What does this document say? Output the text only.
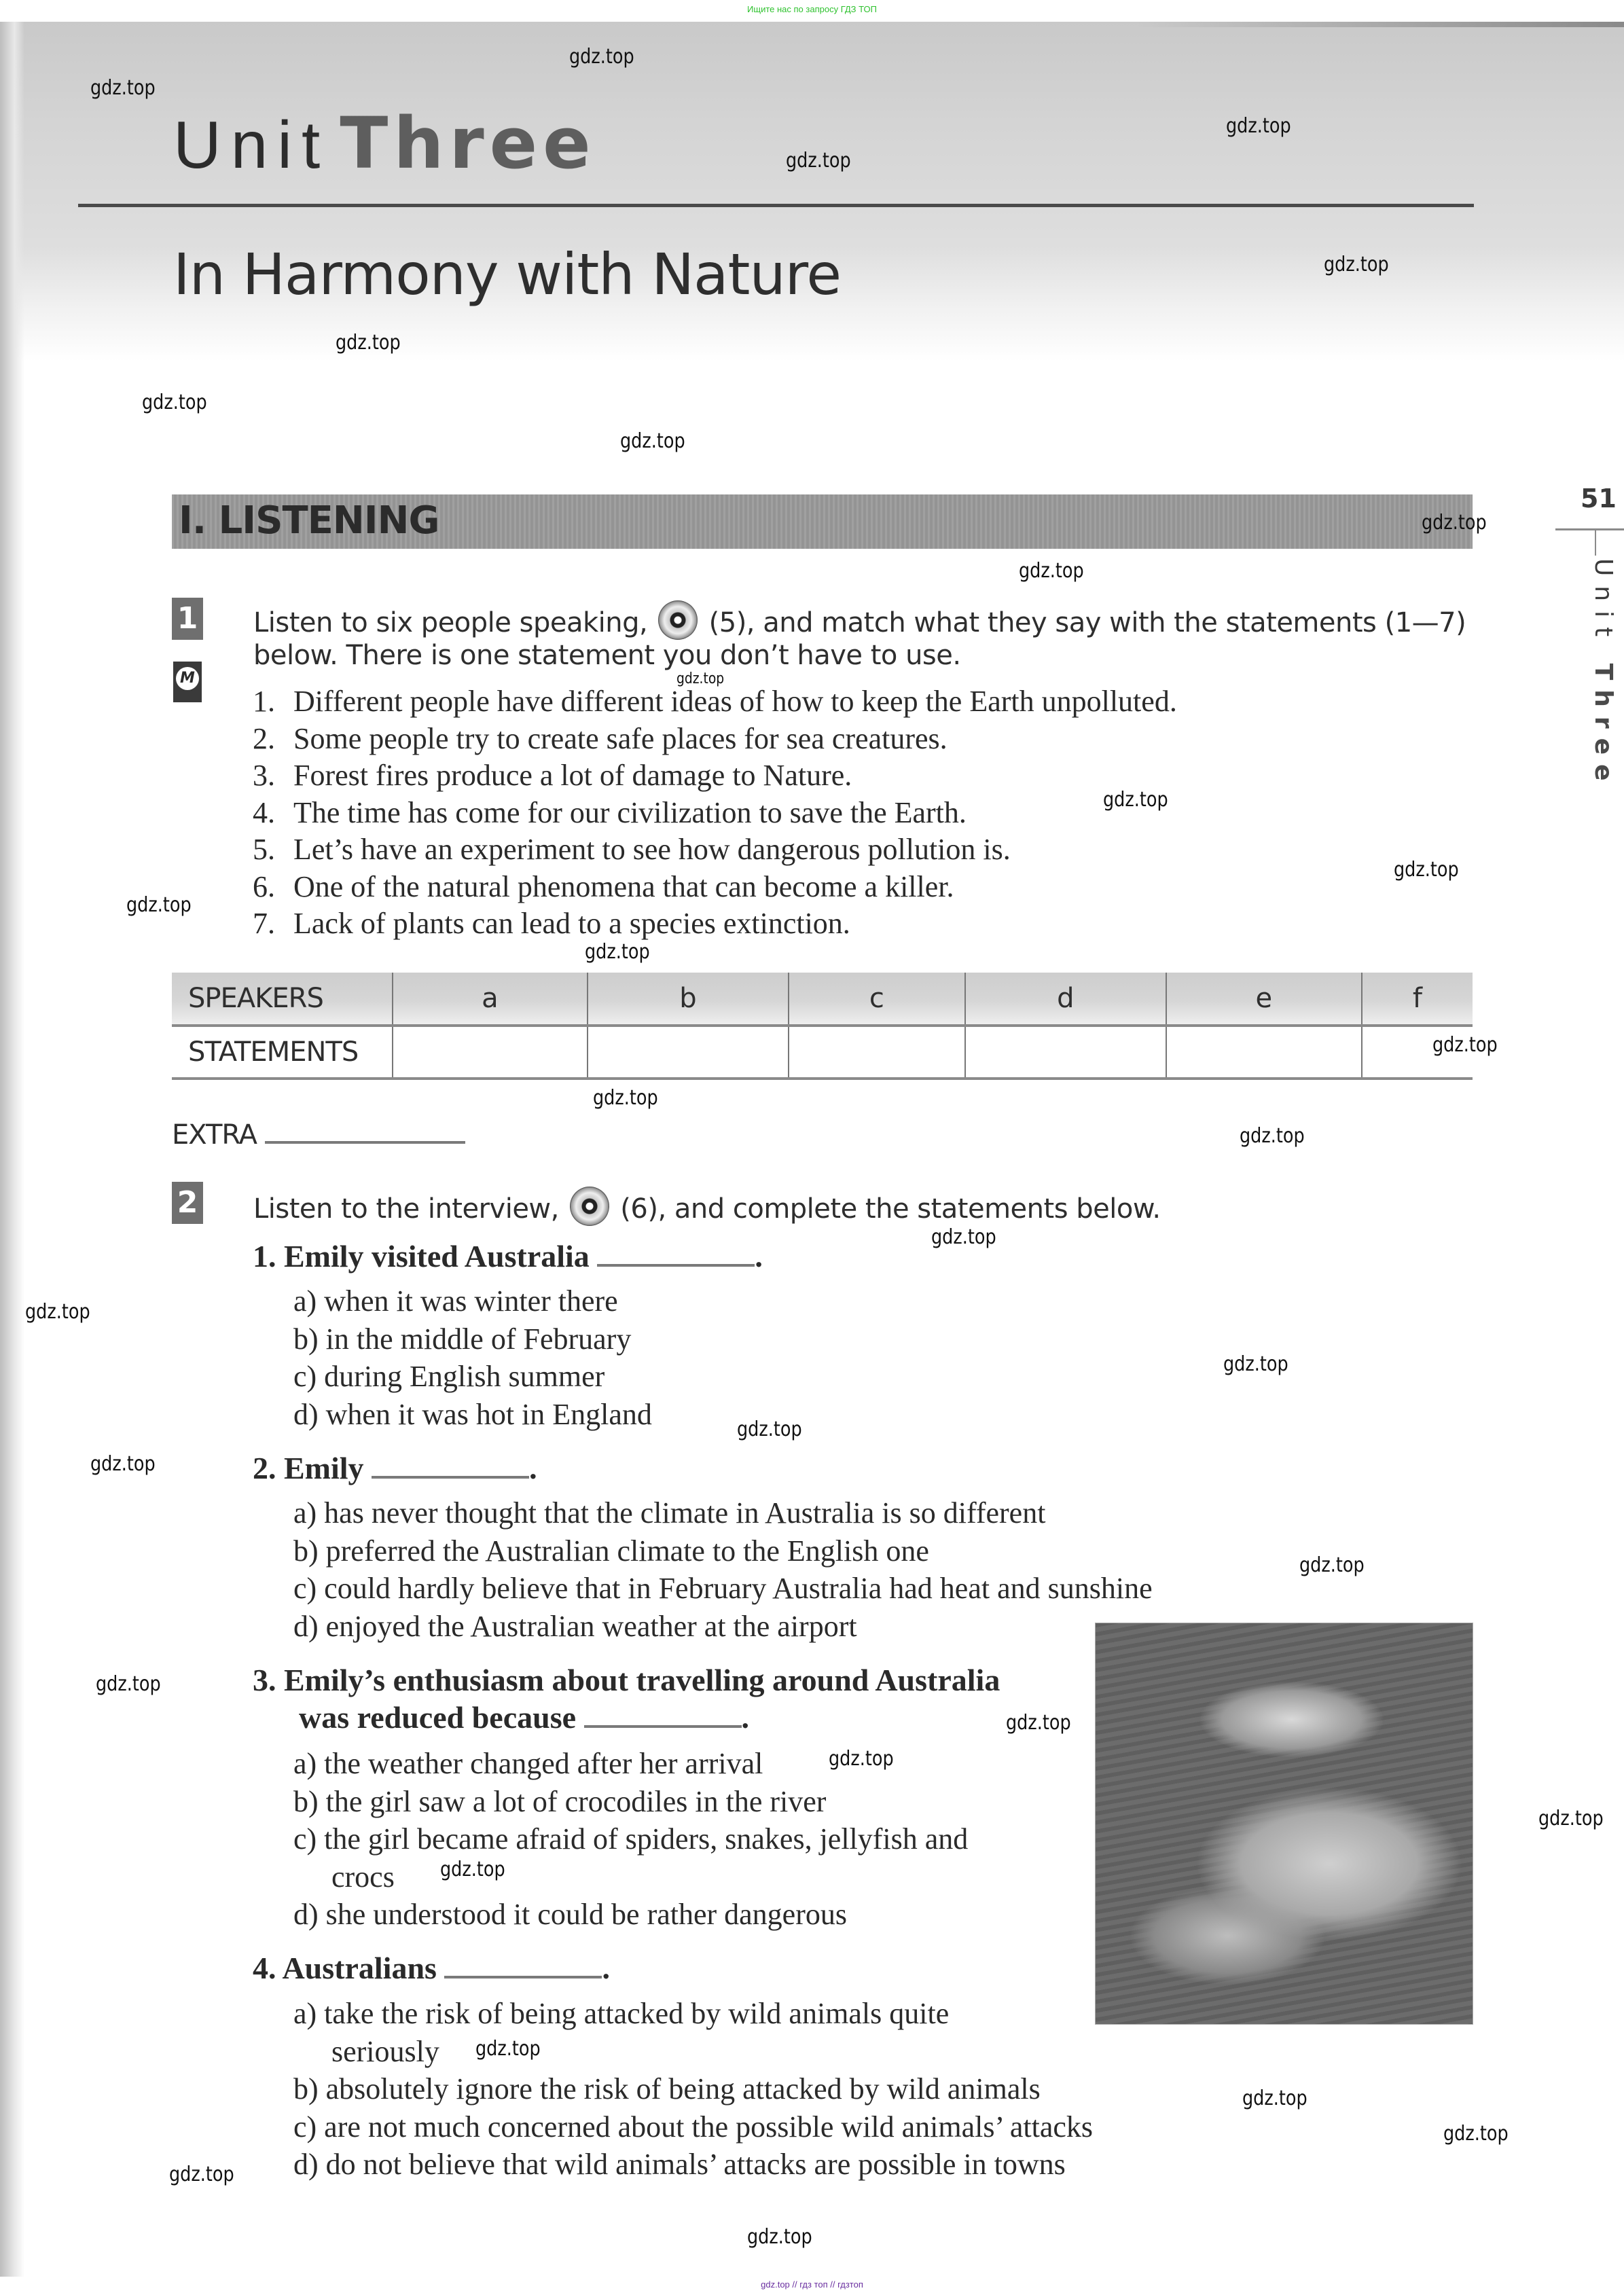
Ищите нас по запросу ГДЗ ТОП
Unit Three
In Harmony with Nature
51
Unit Three
I. LISTENING
1
M
Listen to six people speaking, (5), and match what they say with the statements (1—7)
below. There is one statement you don’t have to use.
1. Different people have different ideas of how to keep the Earth unpolluted.
2. Some people try to create safe places for sea creatures.
3. Forest fires produce a lot of damage to Nature.
4. The time has come for our civilization to save the Earth.
5. Let’s have an experiment to see how dangerous pollution is.
6. One of the natural phenomena that can become a killer.
7. Lack of plants can lead to a species extinction.
SPEAKERS	a	b	c	d	e	f
STATEMENTS						
EXTRA
2 Listen to the interview, (6), and complete the statements below.
1. Emily visited Australia	.
a) when it was winter there
b) in the middle of February
c) during English summer
d) when it was hot in England
2. Emily	.
a) has never thought that the climate in Australia is so different
b) preferred the Australian climate to the English one
c) could hardly believe that in February Australia had heat and sunshine
d) enjoyed the Australian weather at the airport
3. Emily’s enthusiasm about travelling around Australia
was reduced because	.
a) the weather changed after her arrival
b) the girl saw a lot of crocodiles in the river
c) the girl became afraid of spiders, snakes, jellyfish and
crocs
d) she understood it could be rather dangerous
4. Australians	.
a) take the risk of being attacked by wild animals quite
seriously
b) absolutely ignore the risk of being attacked by wild animals
c) are not much concerned about the possible wild animals’ attacks
d) do not believe that wild animals’ attacks are possible in towns
gdz.top
gdz.top
gdz.top
gdz.top
gdz.top
gdz.top
gdz.top
gdz.top
gdz.top
gdz.top
gdz.top
gdz.top
gdz.top
gdz.top
gdz.top
gdz.top
gdz.top
gdz.top
gdz.top
gdz.top
gdz.top
gdz.top
gdz.top
gdz.top
gdz.top
gdz.top
gdz.top
gdz.top
gdz.top
gdz.top
gdz.top
gdz.top
gdz.top
gdz.top
gdz.top // гдз топ // гдзтоп
